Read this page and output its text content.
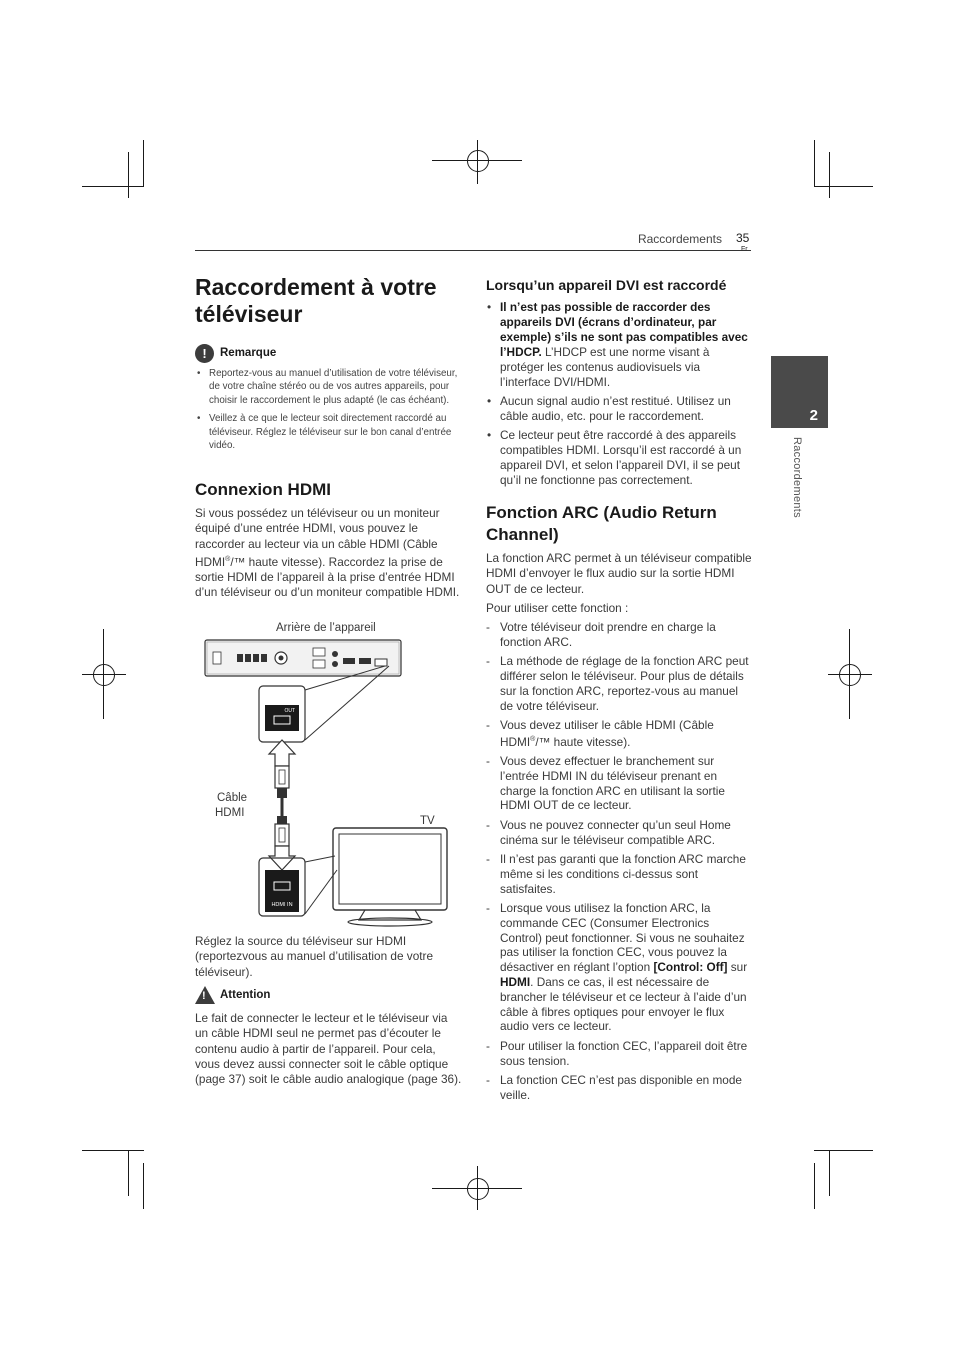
Raccordements 35
2
Raccordements
Raccordement à votre téléviseur
!	Remarque
• Reportez-vous au manuel d’utilisation de votre téléviseur, de votre chaîne stéréo ou de vos autres appareils, pour choisir le raccordement le plus adapté (le cas échéant).
• Veillez à ce que le lecteur soit directement raccordé au téléviseur. Réglez le téléviseur sur le bon canal d’entrée vidéo.
Connexion HDMI

Si vous possédez un téléviseur ou un moniteur équipé d’une entrée HDMI, vous pouvez le raccorder au lecteur via un câble HDMI (Câble HDMI®/™ haute vitesse). Raccordez la prise de sortie HDMI de l’appareil à la prise d’entrée HDMI d’un téléviseur ou d’un moniteur compatible HDMI.

Arrière de l’appareil
Câble
HDMI
TV
OUT
HDMI IN

Réglez la source du téléviseur sur HDMI (reportezvous au manuel d’utilisation de votre téléviseur).

! Attention

Le fait de connecter le lecteur et le téléviseur via un câble HDMI seul ne permet pas d’écouter le contenu audio à partir de l’appareil. Pour cela, vous devez aussi connecter soit le câble optique (page 37) soit le câble audio analogique (page 36).

Lorsqu’un appareil DVI est raccordé
• Il n’est pas possible de raccorder des appareils DVI (écrans d’ordinateur, par exemple) s’ils ne sont pas compatibles avec l’HDCP. L’HDCP est une norme visant à protéger les contenus audiovisuels via l’interface DVI/HDMI.
• Aucun signal audio n’est restitué. Utilisez un câble audio, etc. pour le raccordement.
• Ce lecteur peut être raccordé à des appareils compatibles HDMI. Lorsqu’il est raccordé à un appareil DVI, et selon l’appareil DVI, il se peut qu’il ne fonctionne pas correctement.
Fonction ARC (Audio Return Channel)

La fonction ARC permet à un téléviseur compatible HDMI d’envoyer le flux audio sur la sortie HDMI OUT de ce lecteur.

Pour utiliser cette fonction :

- Votre téléviseur doit prendre en charge la fonction ARC.
- La méthode de réglage de la fonction ARC peut différer selon le téléviseur. Pour plus de détails sur la fonction ARC, reportez-vous au manuel de votre téléviseur.
- Vous devez utiliser le câble HDMI (Câble HDMI®/™ haute vitesse).
- Vous devez effectuer le branchement sur l’entrée HDMI IN du téléviseur prenant en charge la fonction ARC en utilisant la sortie HDMI OUT de ce lecteur.
- Vous ne pouvez connecter qu’un seul Home cinéma sur le téléviseur compatible ARC.
- Il n’est pas garanti que la fonction ARC marche même si les conditions ci-dessus sont satisfaites.
- Lorsque vous utilisez la fonction ARC, la commande CEC (Consumer Electronics Control) peut fonctionner. Si vous ne souhaitez pas utiliser la fonction CEC, vous pouvez la désactiver en réglant l’option [Control: Off] sur HDMI. Dans ce cas, il est nécessaire de brancher le téléviseur et ce lecteur à l’aide d’un câble à fibres optiques pour envoyer le flux audio vers ce lecteur.
- Pour utiliser la fonction CEC, l’appareil doit être sous tension.
- La fonction CEC n’est pas disponible en mode veille.
